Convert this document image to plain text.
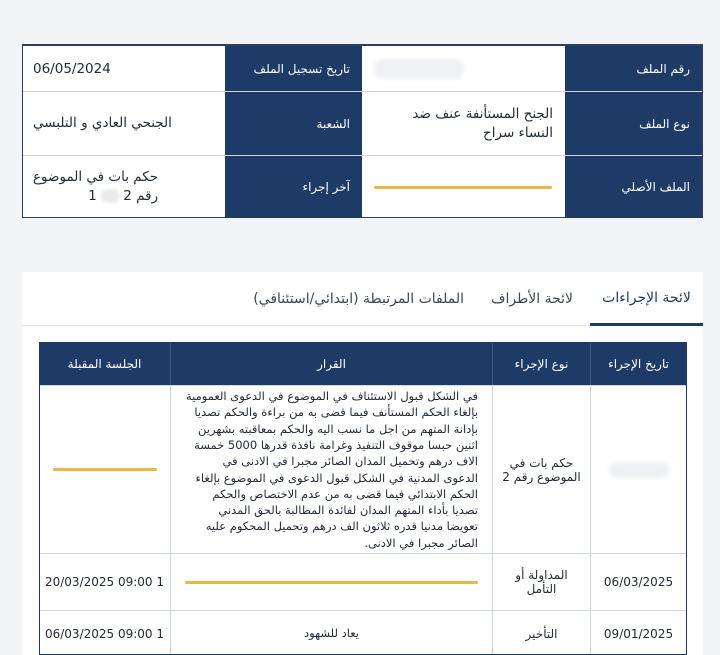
رقم الملف
تاريخ تسجيل الملف
06/05/2024
نوع الملف
الجنح المستأنفة عنف ضد النساء سراح
الشعبة
الجنحي العادي و التلبسي
الملف الأصلي
آخر إجراء
حكم بات في الموضوع
رقم 2  1
لائحة الإجراءات
لائحة الأطراف
الملفات المرتبطة (ابتدائي/استئنافي)
تاريخ الإجراء
نوع الإجراء
القرار
الجلسة المقبلة
حكم بات في الموضوع رقم 2
في الشكل قبول الاستئناف في الموضوع في الدعوى العمومية بإلغاء الحكم المستأنف فيما قضى به من براءة والحكم تصديا بإدانة المتهم من اجل ما نسب اليه والحكم بمعاقبته بشهرين اثنين حبسا موقوف التنفيذ وغرامة نافذة قدرها 5000 خمسة الاف درهم وتحميل المدان الصائر مجبرا في الادنى في الدعوى المدنية في الشكل قبول الدعوى في الموضوع بإلغاء الحكم الابتدائي فيما قضى به من عدم الاختصاص والحكم تصديا بأداء المتهم المدان لفائدة المطالبة بالحق المدني تعويضا مدنيا قدره ثلاثون الف درهم وتحميل المحكوم عليه الصائر مجبرا في الادنى.
06/03/2025
المداولة أو التأمل
20/03/2025 09:00 1
09/01/2025
التأخير
يعاد للشهود
06/03/2025 09:00 1
